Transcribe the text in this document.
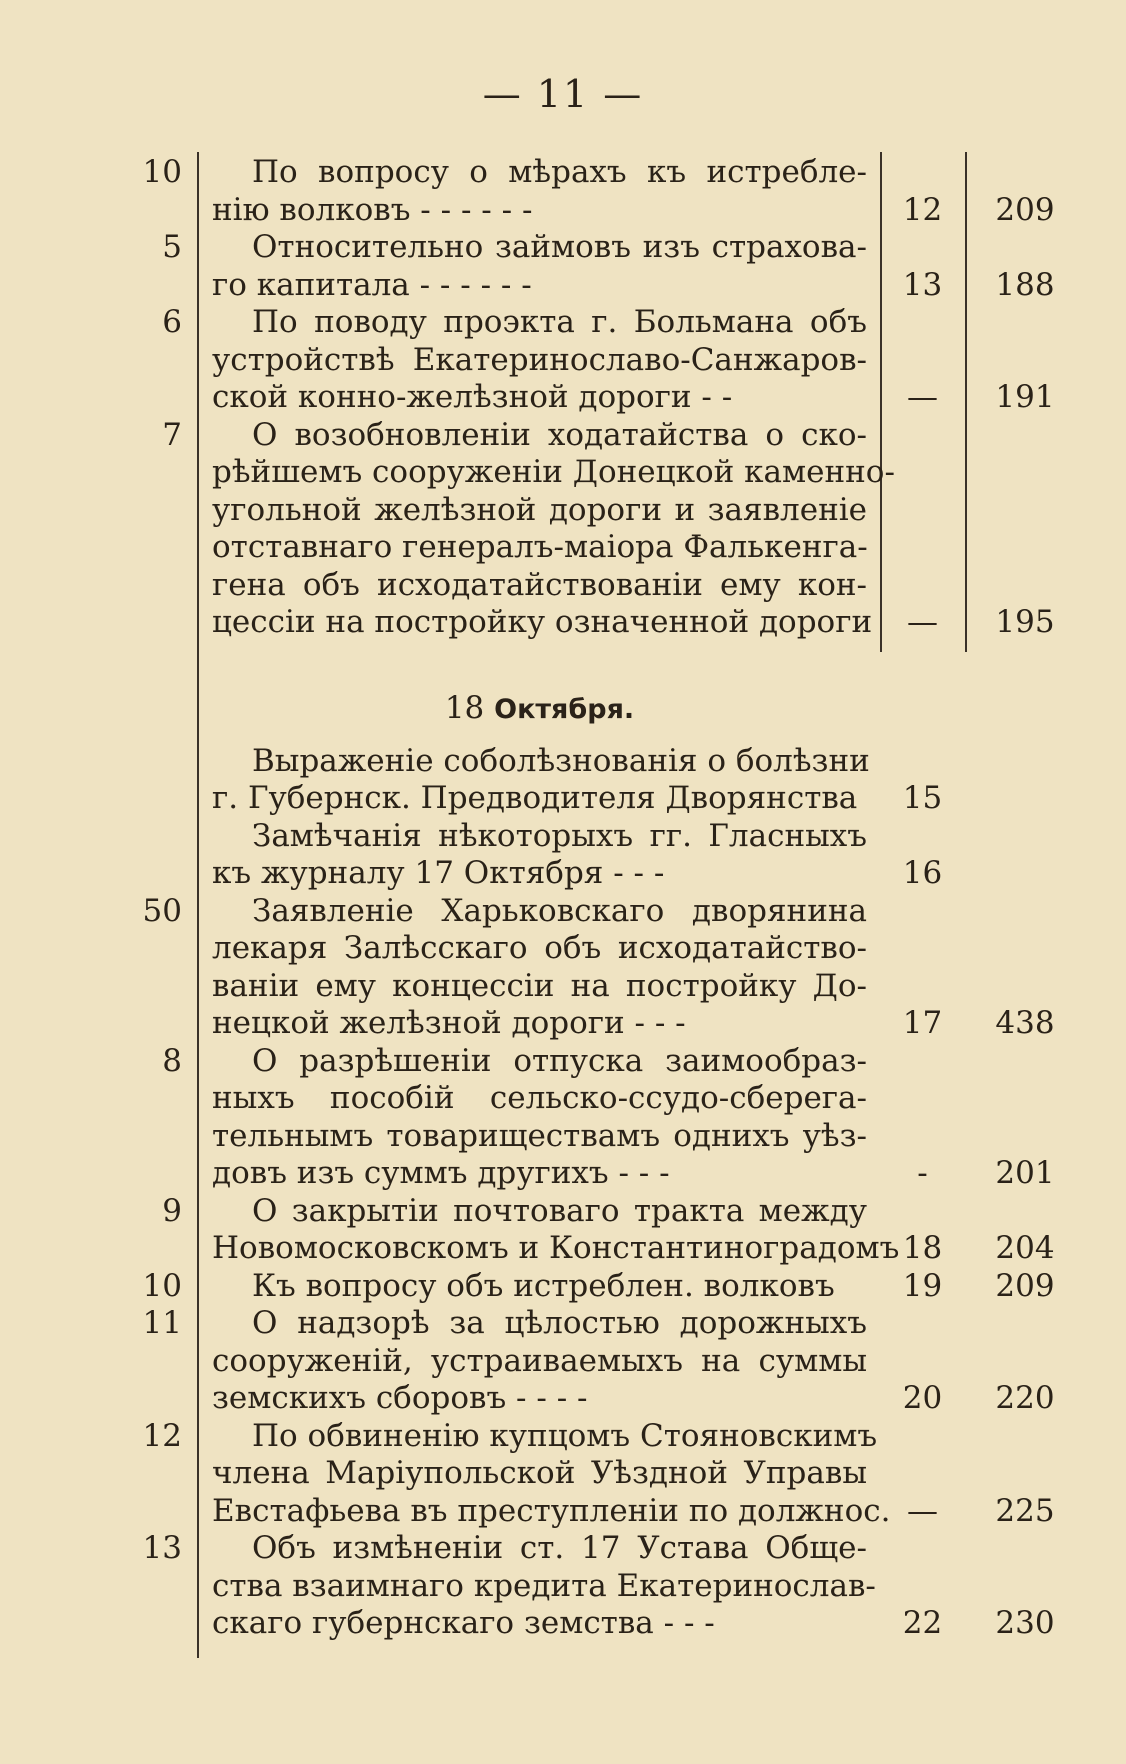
— 11 —
10 По вопросу о мѣрахъ къ истребле-
нію волковъ - - - - - -	12	209
5 Относительно займовъ изъ страхова-
го капитала - - - - - -	13	188
6 По поводу проэкта г. Больмана объ
устройствѣ Екатеринославо-Санжаров-
ской конно-желѣзной дороги - -	—	191
7 О возобновленіи ходатайства о ско-
рѣйшемъ сооруженіи Донецкой каменно-
угольной желѣзной дороги и заявленіе
отставнаго генералъ-маіора Фалькенга-
гена объ исходатайствованіи ему кон-
цессіи на постройку означенной дороги	—	195
18 Октября.
Выраженіе соболѣзнованія о болѣзни
г. Губернск. Предводителя Дворянства	15
Замѣчанія нѣкоторыхъ гг. Гласныхъ
къ журналу 17 Октября - - -	16
50 Заявленіе Харьковскаго дворянина
лекаря Залѣсскаго объ исходатайство-
ваніи ему концессіи на постройку До-
нецкой желѣзной дороги - - -	17	438
8 О разрѣшеніи отпуска заимообраз-
ныхъ пособій сельско-ссудо-сберега-
тельнымъ товариществамъ однихъ уѣз-
довъ изъ суммъ другихъ - - -	-	201
9 О закрытіи почтоваго тракта между
Новомосковскомъ и Константиноградомъ 18	204
10 Къ вопросу объ истреблен. волковъ	19	209
11 О надзорѣ за цѣлостью дорожныхъ
сооруженій, устраиваемыхъ на суммы
земскихъ сборовъ - - - -	20	220
12 По обвиненію купцомъ Стояновскимъ
члена Маріупольской Уѣздной Управы
Евстафьева въ преступленіи по должнос. —	225
13 Объ измѣненіи ст. 17 Устава Обще-
ства взаимнаго кредита Екатеринослав-
скаго губернскаго земства - - -	22	230
